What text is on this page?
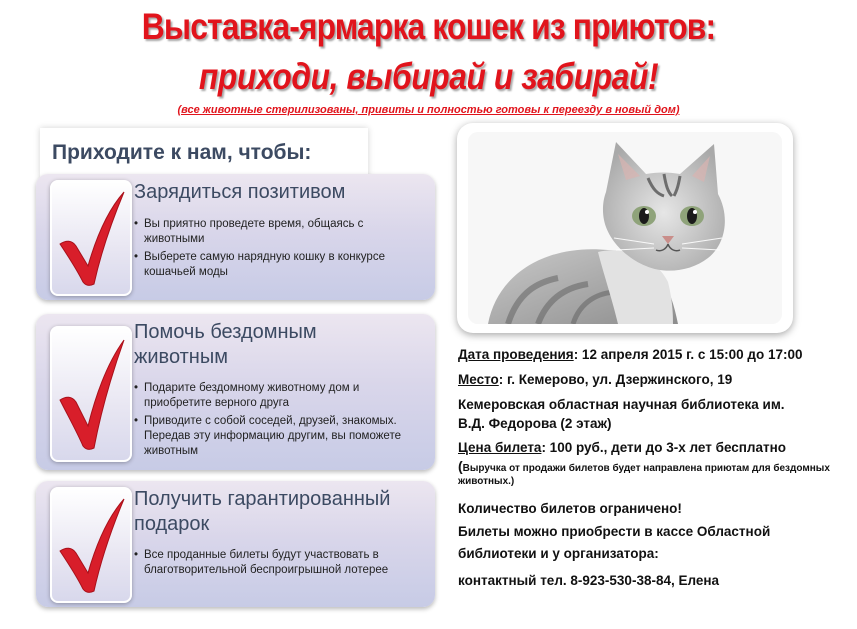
Выставка-ярмарка кошек из приютов:
приходи, выбирай и забирай!
(все животные стерилизованы, привиты и полностью готовы к переезду в новый дом)
Приходите к нам, чтобы:
Зарядиться позитивом
• Вы приятно проведете время, общаясь с животными
• Выберете самую нарядную кошку в конкурсе кошачьей моды
Помочь бездомным животным
• Подарите бездомному животному дом и приобретите верного друга
• Приводите с собой соседей, друзей, знакомых. Передав эту информацию другим, вы поможете животным
Получить гарантированный подарок
• Все проданные билеты будут участвовать в благотворительной беспроигрышной лотерее
Дата проведения: 12 апреля 2015 г. с 15:00 до 17:00
Место: г. Кемерово, ул. Дзержинского, 19
Кемеровская областная научная библиотека им.
В.Д. Федорова (2 этаж)
Цена билета: 100 руб., дети до 3-х лет бесплатно
(Выручка от продажи билетов будет направлена приютам для бездомных животных.)
Количество билетов ограничено!
Билеты можно приобрести в кассе Областной
библиотеки и у организатора:
контактный тел. 8-923-530-38-84, Елена
